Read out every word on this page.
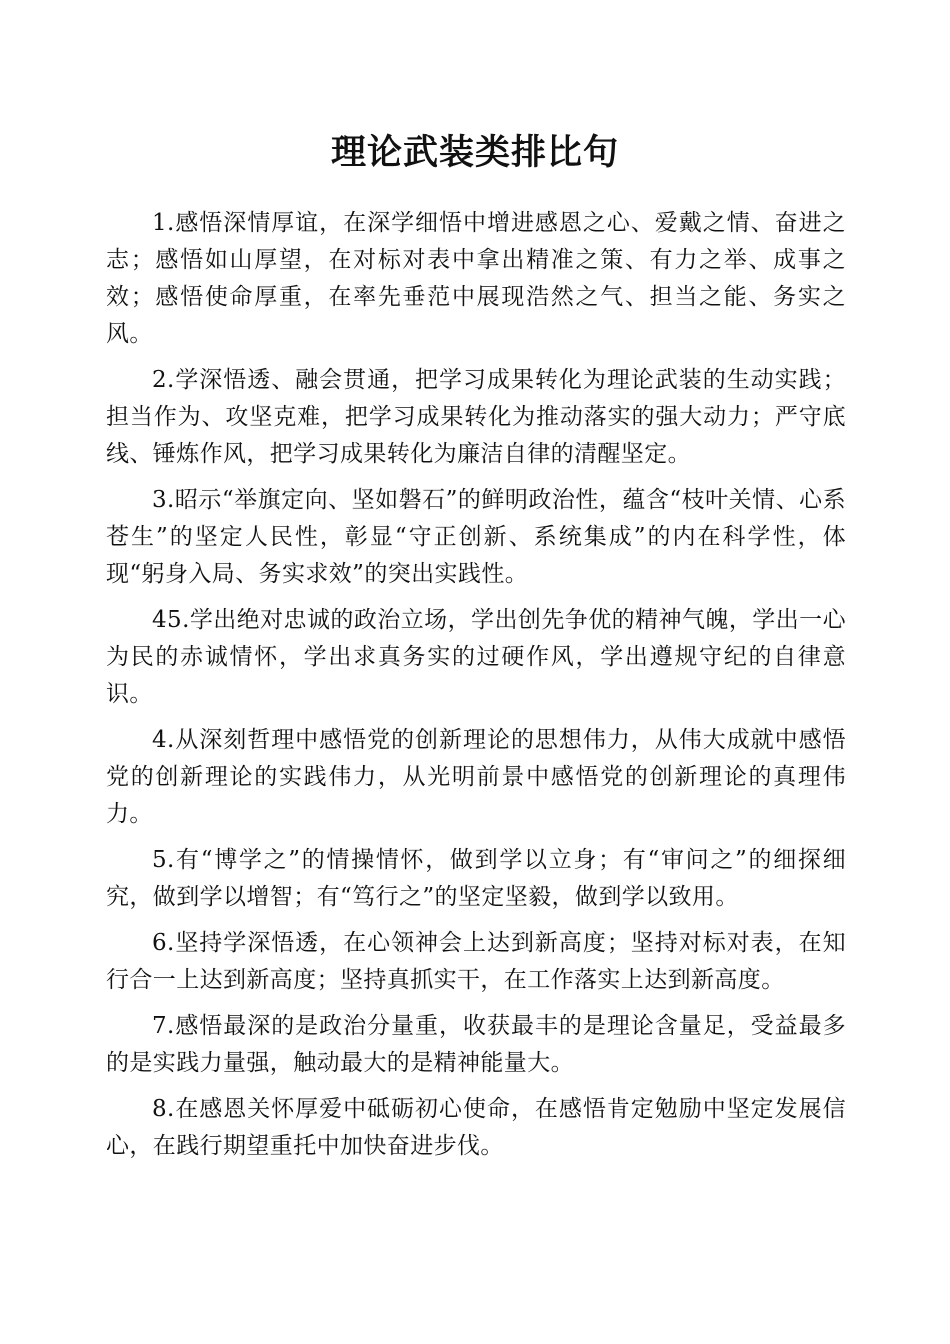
理论武装类排比句

1.感悟深情厚谊，在深学细悟中增进感恩之心、爱戴之情、奋进之志；感悟如山厚望，在对标对表中拿出精准之策、有力之举、成事之效；感悟使命厚重，在率先垂范中展现浩然之气、担当之能、务实之风。

2.学深悟透、融会贯通，把学习成果转化为理论武装的生动实践；担当作为、攻坚克难，把学习成果转化为推动落实的强大动力；严守底线、锤炼作风，把学习成果转化为廉洁自律的清醒坚定。

3.昭示“举旗定向、坚如磐石”的鲜明政治性，蕴含“枝叶关情、心系苍生”的坚定人民性，彰显“守正创新、系统集成”的内在科学性，体现“躬身入局、务实求效”的突出实践性。

45.学出绝对忠诚的政治立场，学出创先争优的精神气魄，学出一心为民的赤诚情怀，学出求真务实的过硬作风，学出遵规守纪的自律意识。

4.从深刻哲理中感悟党的创新理论的思想伟力，从伟大成就中感悟党的创新理论的实践伟力，从光明前景中感悟党的创新理论的真理伟力。

5.有“博学之”的情操情怀，做到学以立身；有“审问之”的细探细究，做到学以增智；有“笃行之”的坚定坚毅，做到学以致用。

6.坚持学深悟透，在心领神会上达到新高度；坚持对标对表，在知行合一上达到新高度；坚持真抓实干，在工作落实上达到新高度。

7.感悟最深的是政治分量重，收获最丰的是理论含量足，受益最多的是实践力量强，触动最大的是精神能量大。

8.在感恩关怀厚爱中砥砺初心使命，在感悟肯定勉励中坚定发展信心，在践行期望重托中加快奋进步伐。
